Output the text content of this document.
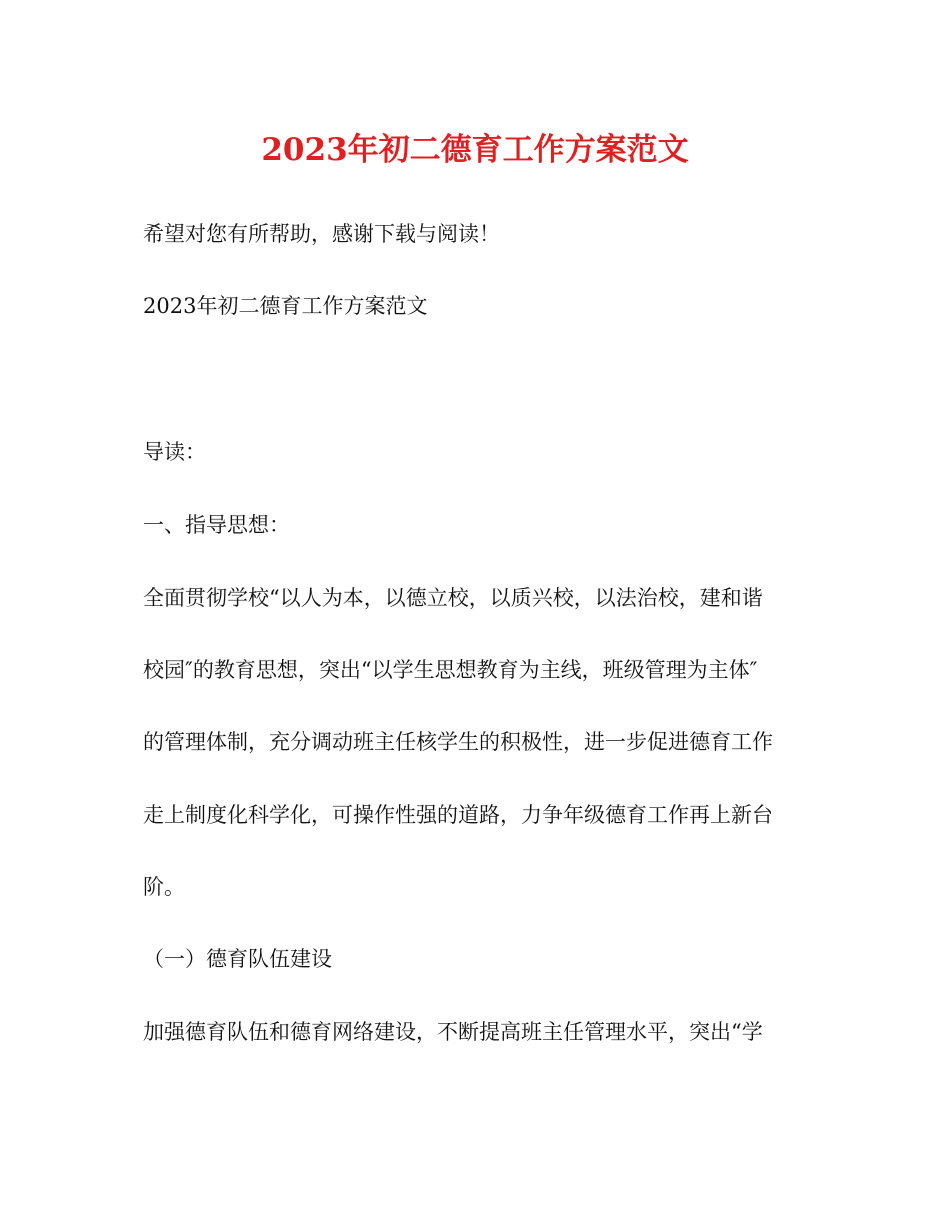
2023年初二德育工作方案范文
希望对您有所帮助，感谢下载与阅读！
2023年初二德育工作方案范文
导读：
一、指导思想：
全面贯彻学校“以人为本，以德立校，以质兴校，以法治校，建和谐
校园″的教育思想，突出“以学生思想教育为主线，班级管理为主体″
的管理体制，充分调动班主任核学生的积极性，进一步促进德育工作
走上制度化科学化，可操作性强的道路，力争年级德育工作再上新台
阶。
（一）德育队伍建设
加强德育队伍和德育网络建设，不断提高班主任管理水平，突出“学
